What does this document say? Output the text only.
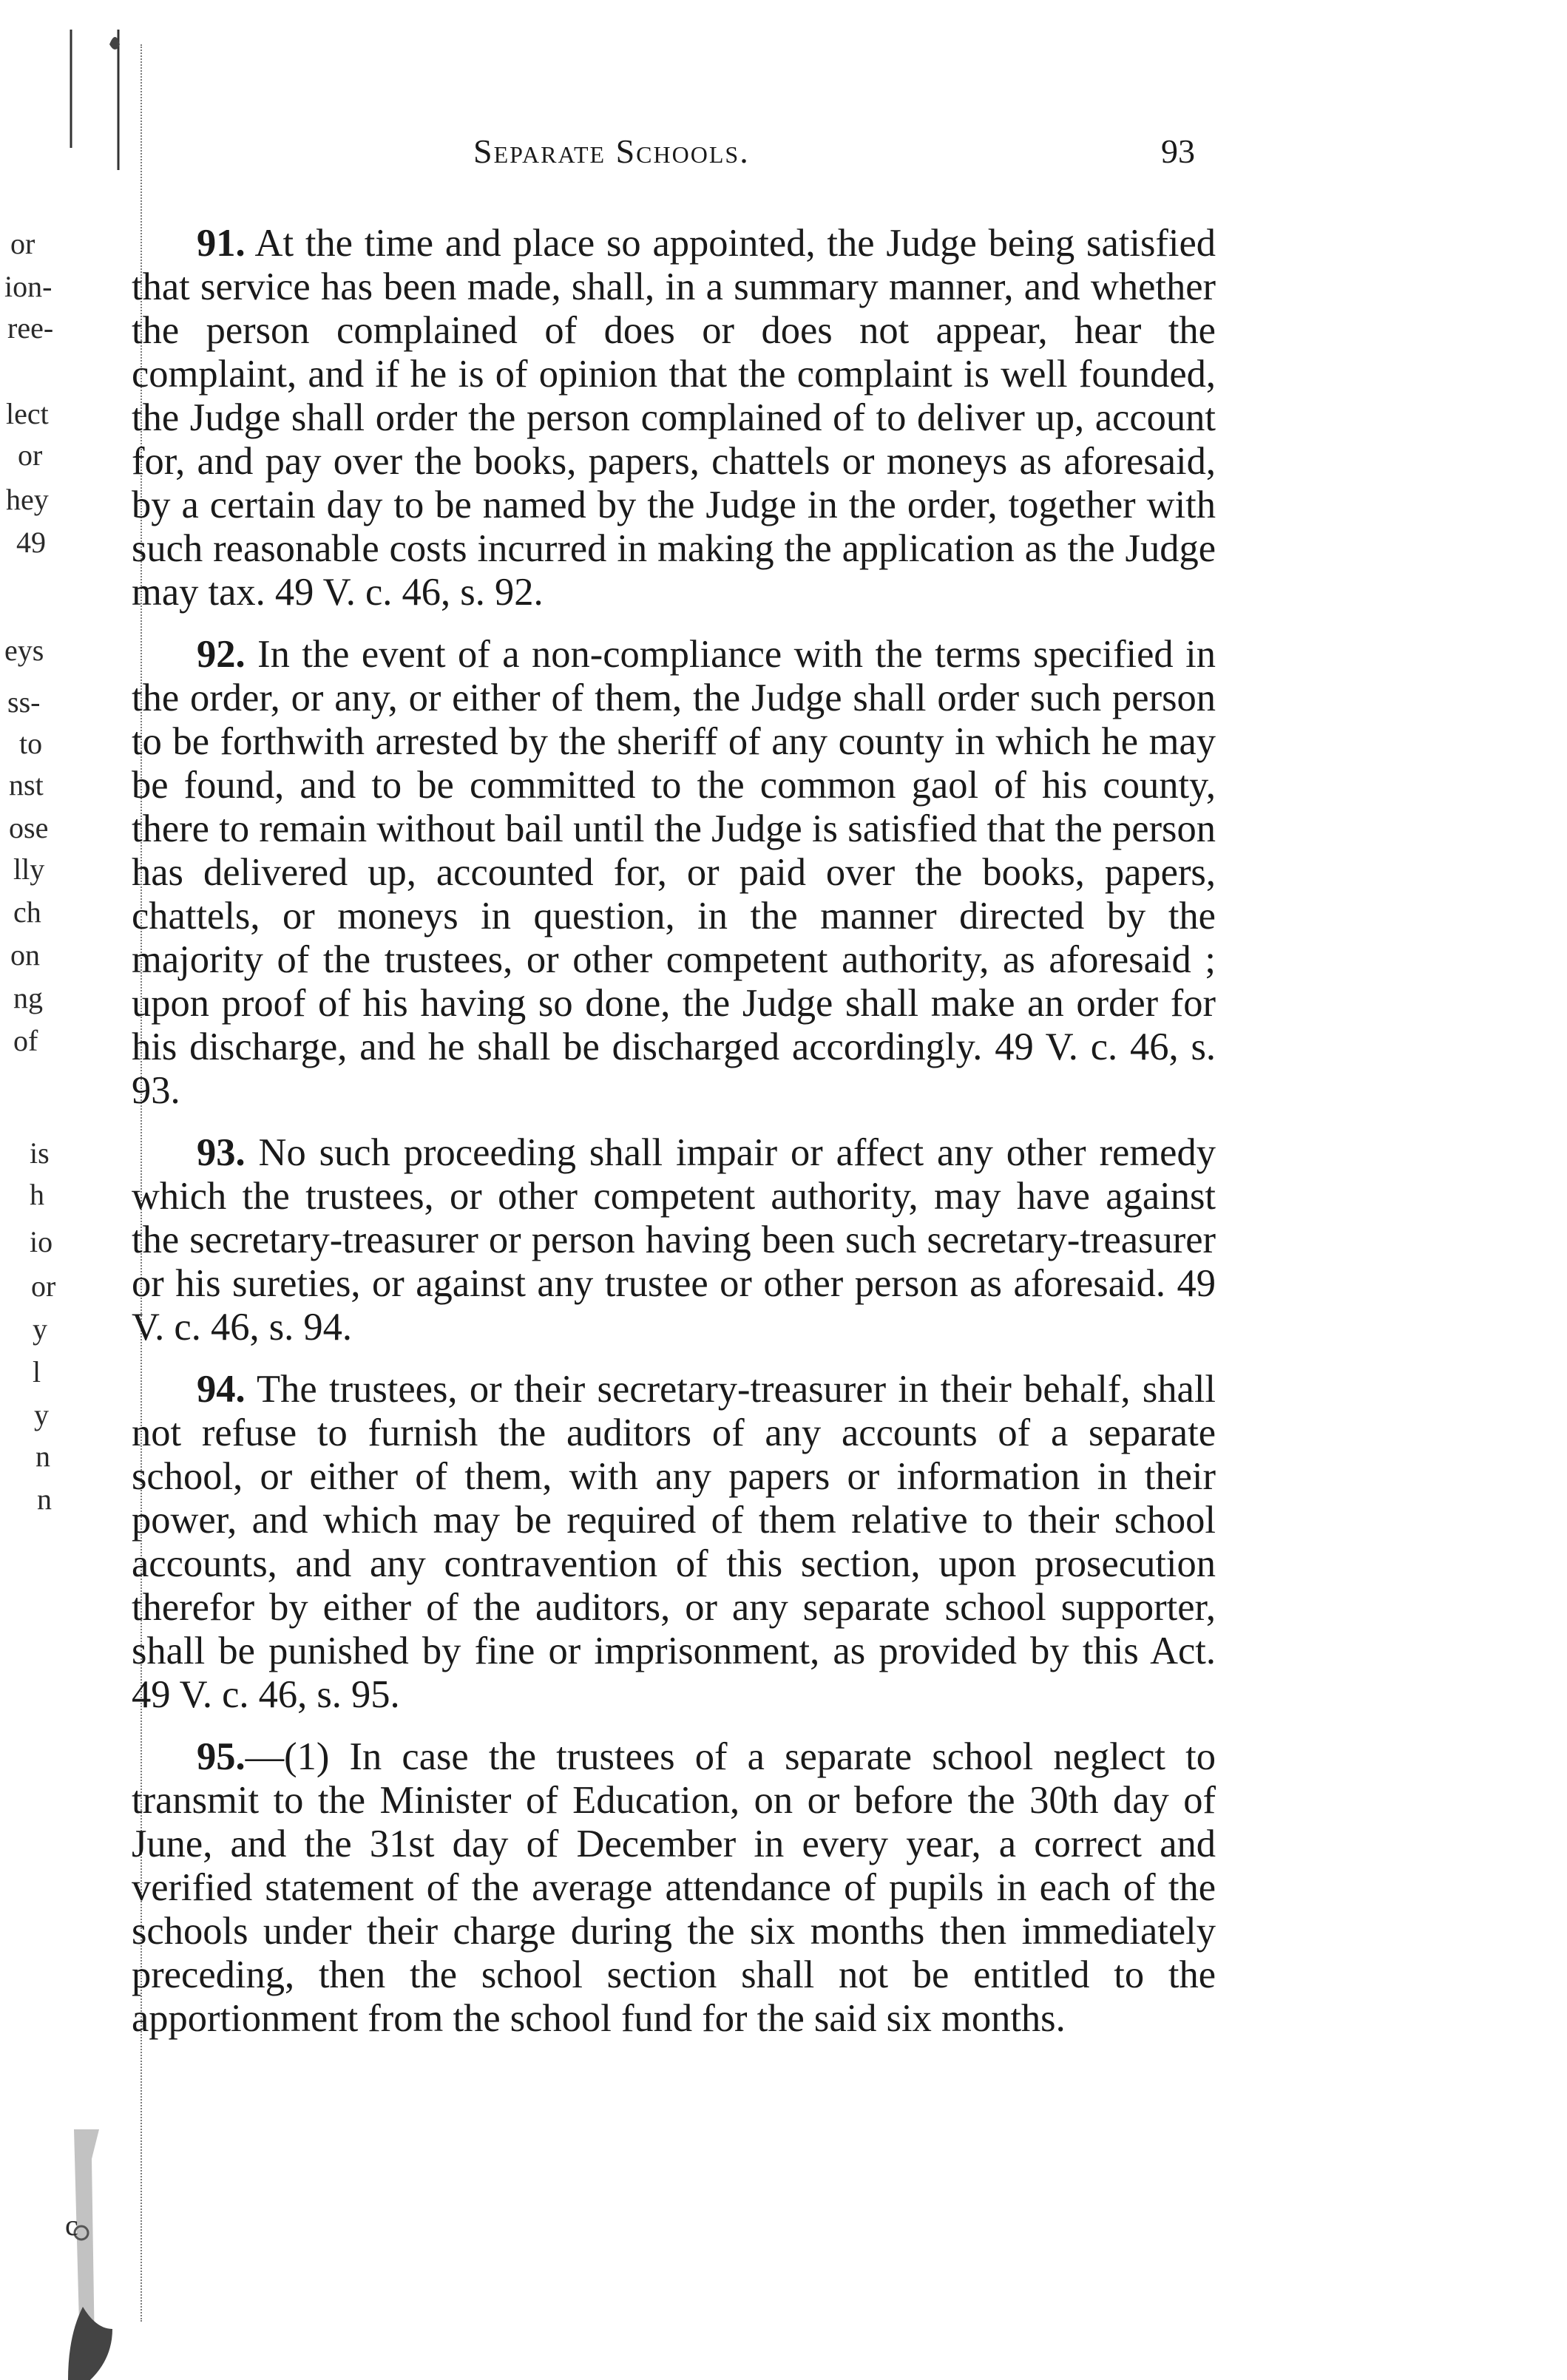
or
ion-
ree-
lect
or
hey
49
eys
ss-
to
nst
ose
lly
ch
on
ng
of
is
h
io
or
y
l
y
n
n
c
Separate Schools.	93

91. At the time and place so appointed, the Judge being satisfied that service has been made, shall, in a summary manner, and whether the person complained of does or does not appear, hear the complaint, and if he is of opinion that the complaint is well founded, the Judge shall order the person complained of to deliver up, account for, and pay over the books, papers, chattels or moneys as aforesaid, by a certain day to be named by the Judge in the order, together with such reasonable costs incurred in making the application as the Judge may tax. 49 V. c. 46, s. 92.

92. In the event of a non-compliance with the terms specified in the order, or any, or either of them, the Judge shall order such person to be forthwith arrested by the sheriff of any county in which he may be found, and to be committed to the common gaol of his county, there to remain without bail until the Judge is satisfied that the person has delivered up, accounted for, or paid over the books, papers, chattels, or moneys in question, in the manner directed by the majority of the trustees, or other competent authority, as aforesaid ; upon proof of his having so done, the Judge shall make an order for his discharge, and he shall be discharged accordingly. 49 V. c. 46, s. 93.

93. No such proceeding shall impair or affect any other remedy which the trustees, or other competent authority, may have against the secretary-treasurer or person having been such secretary-treasurer or his sureties, or against any trustee or other person as aforesaid. 49 V. c. 46, s. 94.

94. The trustees, or their secretary-treasurer in their behalf, shall not refuse to furnish the auditors of any accounts of a separate school, or either of them, with any papers or information in their power, and which may be required of them relative to their school accounts, and any contravention of this section, upon prosecution therefor by either of the auditors, or any separate school supporter, shall be punished by fine or imprisonment, as provided by this Act. 49 V. c. 46, s. 95.

95.—(1) In case the trustees of a separate school neglect to transmit to the Minister of Education, on or before the 30th day of June, and the 31st day of December in every year, a correct and verified statement of the average attendance of pupils in each of the schools under their charge during the six months then immediately preceding, then the school section shall not be entitled to the apportionment from the school fund for the said six months.
